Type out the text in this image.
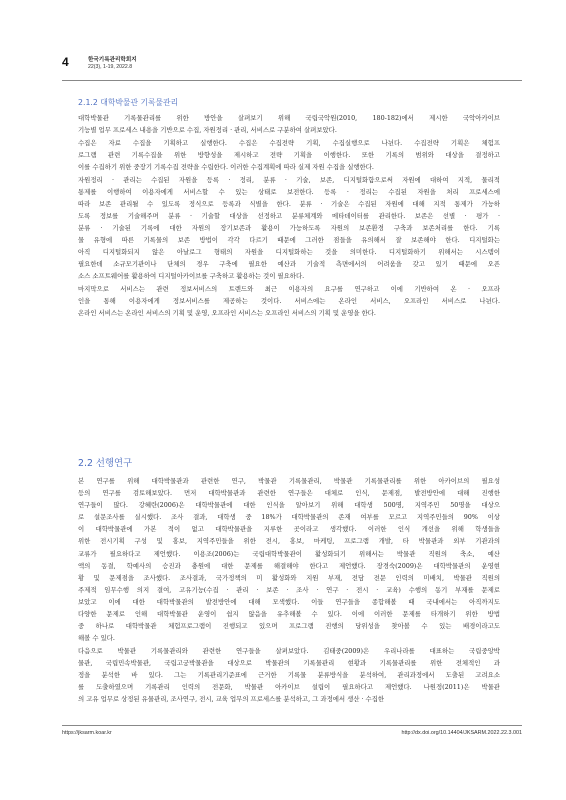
4	한국기록관리학회지
22(3), 1-19, 2022.8
2.1.2 대학박물관 기록물관리
대학박물관 기록물관리를 위한 방안을 살펴보기 위해 국립국악원(2010, 180-182)에서 제시한 국악아카이브
기능별 업무 프로세스 내용을 기반으로 수집, 자원정리 · 관리, 서비스로 구분하여 살펴보았다.
수집은 자료 수집을 기획하고 실행한다. 수집은 수집전략 기획, 수집실행으로 나뉜다. 수집전략 기획은 체험프
로그램 관련 기록수집을 위한 방향성을 제시하고 전략 기획을 이행한다. 또한 기록의 범위와 대상을 결정하고
이를 수집하기 위한 중장기 기록수집 전략을 수립한다. 이러한 수집계획에 따라 실제 자원 수집을 실행한다.
자원정리 · 관리는 수집된 자원을 등록 · 정리, 분류 · 기술, 보존, 디지털화함으로써 자원에 대하여 지적, 물리적
통제를 이행하여 이용자에게 서비스할 수 있는 상태로 보전한다. 등록 · 정리는 수집된 자원을 처리 프로세스에
따라 보존 관리될 수 있도록 정식으로 등록과 식별을 한다. 분류 · 기술은 수집된 자원에 대해 지적 통제가 가능하
도록 정보를 기술해주며 분류 · 기술할 대상을 선정하고 분류체계와 메타데이터를 관리한다. 보존은 선별 · 평가 ·
분류 · 기술된 기록에 대한 자원의 장기보존과 활용이 가능하도록 자원의 보존환경 구축과 보존처리를 한다. 기록
물 유형에 따른 기록물의 보존 방법이 각각 다르기 때문에 그러한 점들을 유의해서 잘 보존해야 한다. 디지털화는
아직 디지털화되지 않은 아날로그 형태의 자원을 디지털화하는 것을 의미한다. 디지털화하기 위해서는 시스템이
필요한데 소규모기관이나 단체의 경우 구축에 필요한 예산과 기술적 측면에서의 어려움을 갖고 있기 때문에 오픈
소스 소프트웨어를 활용하여 디지털아카이브를 구축하고 활용하는 것이 필요하다.
마지막으로 서비스는 관련 정보서비스의 트렌드와 최근 이용자의 요구를 연구하고 이에 기반하여 온 · 오프라
인을 통해 이용자에게 정보서비스를 제공하는 것이다. 서비스에는 온라인 서비스, 오프라인 서비스로 나뉜다.
온라인 서비스는 온라인 서비스의 기획 및 운영, 오프라인 서비스는 오프라인 서비스의 기획 및 운영을 한다.
2.2 선행연구
본 연구를 위해 대학박물관과 관련한 연구, 박물관 기록물관리, 박물관 기록물관리를 위한 아카이브의 필요성
등의 연구를 검토해보았다. 먼저 대학박물관과 관련한 연구들은 대체로 인식, 문제점, 발전방안에 대해 진행한
연구들이 많다. 강혜란(2006)은 대학박물관에 대한 인식을 알아보기 위해 대학생 500명, 지역주민 50명을 대상으
로 설문조사를 실시했다. 조사 결과, 대학생 중 18%가 대학박물관의 존재 여부를 모르고 지역주민들의 90% 이상
이 대학박물관에 가본 적이 없고 대학박물관을 지루한 곳이라고 생각했다. 이러한 인식 개선을 위해 학생들을
위한 전시기획 구성 및 홍보, 지역주민들을 위한 전시, 홍보, 마케팅, 프로그램 개발, 타 박물관과 외부 기관과의
교류가 필요하다고 제언했다. 이용조(2006)는 국립대학박물관이 활성화되기 위해서는 박물관 직원의 축소, 예산
액의 동결, 학예사의 승진과 충원에 대한 문제를 해결해야 한다고 제언했다. 장경숙(2009)은 대학박물관의 운영현
황 및 문제점을 조사했다. 조사결과, 국가정책의 미 활성화와 지원 부재, 전담 전문 인력의 미배치, 박물관 직원의
주제적 임무수행 의지 결여, 고유기능(수집 · 관리 · 보존 · 조사 · 연구 · 전시 · 교육) 수행의 동기 부재를 문제로
보았고 이에 대한 대학박물관의 발전방안에 대해 모색했다. 이들 연구들을 종합해볼 때 국내에서는 아직까지도
다양한 문제로 인해 대학박물관 운영이 쉽지 않음을 유추해볼 수 있다. 이에 이러한 문제를 타개하기 위한 방법
중 하나로 대학박물관 체험프로그램이 진행되고 있으며 프로그램 진행의 당위성을 찾아볼 수 있는 배경이라고도
해볼 수 있다.
다음으로 박물관 기록물관리와 관련한 연구들을 살펴보았다. 김태중(2009)은 우리나라를 대표하는 국립중앙박
물관, 국립민속박물관, 국립고궁박물관을 대상으로 박물관의 기록물관리 현황과 기록물관리를 위한 전체적인 과
정을 분석한 바 있다. 그는 기록관리기준표에 근거한 기록물 분류방식을 분석하여, 관리과정에서 도출된 고려요소
를 도출하였으며 기록관리 인력의 전문화, 박물관 아카이브 설립이 필요하다고 제언했다. 나원정(2011)은 박물관
의 고유 업무로 상정된 유물관리, 조사연구, 전시, 교육 업무의 프로세스를 분석하고, 그 과정에서 생산 · 수집한
https://jksarm.koar.kr	http://dx.doi.org/10.14404/JKSARM.2022.22.3.001
